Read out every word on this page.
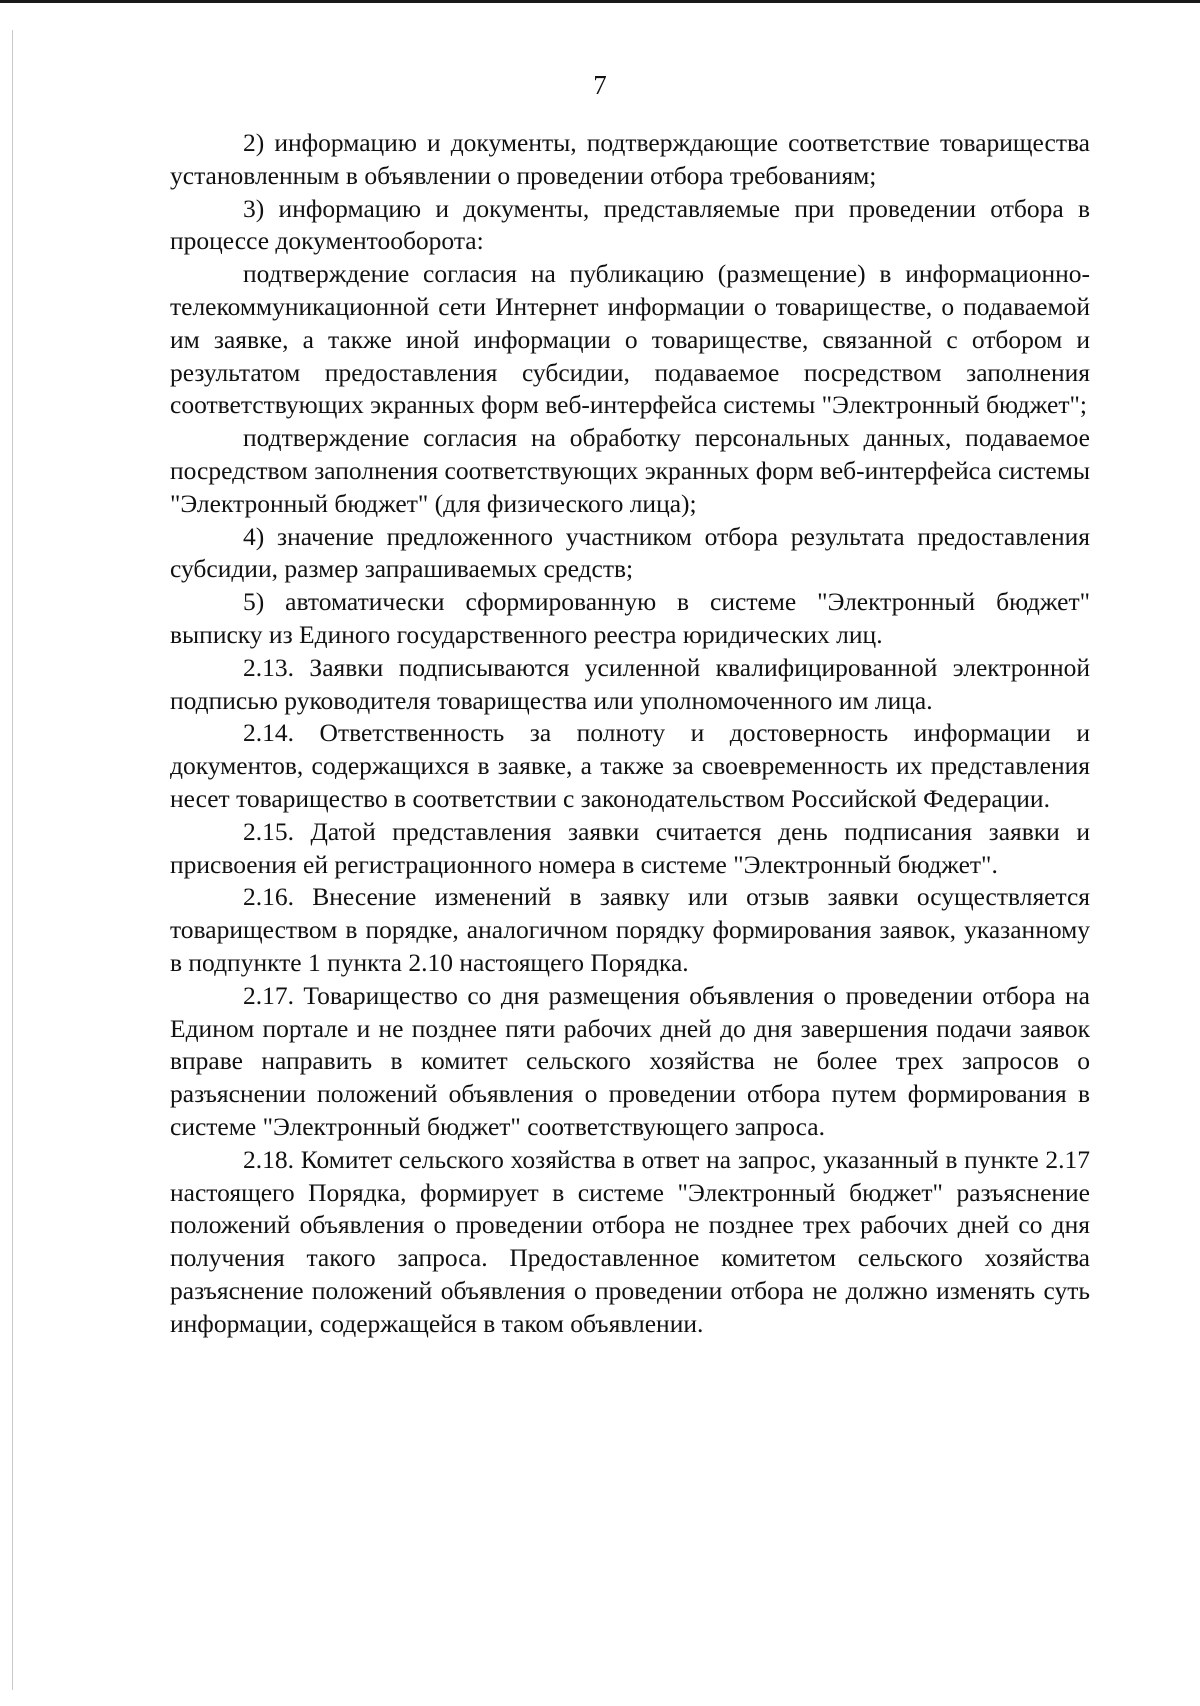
7

2) информацию и документы, подтверждающие соответствие товарищества установленным в объявлении о проведении отбора требованиям;

3) информацию и документы, представляемые при проведении отбора в процессе документооборота:

подтверждение согласия на публикацию (размещение) в информационно-телекоммуникационной сети Интернет информации о товариществе, о подаваемой им заявке, а также иной информации о товариществе, связанной с отбором и результатом предоставления субсидии, подаваемое посредством заполнения соответствующих экранных форм веб-интерфейса системы "Электронный бюджет";

подтверждение согласия на обработку персональных данных, подаваемое посредством заполнения соответствующих экранных форм веб-интерфейса системы "Электронный бюджет" (для физического лица);

4) значение предложенного участником отбора результата предоставления субсидии, размер запрашиваемых средств;

5) автоматически сформированную в системе "Электронный бюджет" выписку из Единого государственного реестра юридических лиц.

2.13. Заявки подписываются усиленной квалифицированной электронной подписью руководителя товарищества или уполномоченного им лица.

2.14. Ответственность за полноту и достоверность информации и документов, содержащихся в заявке, а также за своевременность их представления несет товарищество в соответствии с законодательством Российской Федерации.

2.15. Датой представления заявки считается день подписания заявки и присвоения ей регистрационного номера в системе "Электронный бюджет".

2.16. Внесение изменений в заявку или отзыв заявки осуществляется товариществом в порядке, аналогичном порядку формирования заявок, указанному в подпункте 1 пункта 2.10 настоящего Порядка.

2.17. Товарищество со дня размещения объявления о проведении отбора на Едином портале и не позднее пяти рабочих дней до дня завершения подачи заявок вправе направить в комитет сельского хозяйства не более трех запросов о разъяснении положений объявления о проведении отбора путем формирования в системе "Электронный бюджет" соответствующего запроса.

2.18. Комитет сельского хозяйства в ответ на запрос, указанный в пункте 2.17 настоящего Порядка, формирует в системе "Электронный бюджет" разъяснение положений объявления о проведении отбора не позднее трех рабочих дней со дня получения такого запроса. Предоставленное комитетом сельского хозяйства разъяснение положений объявления о проведении отбора не должно изменять суть информации, содержащейся в таком объявлении.
